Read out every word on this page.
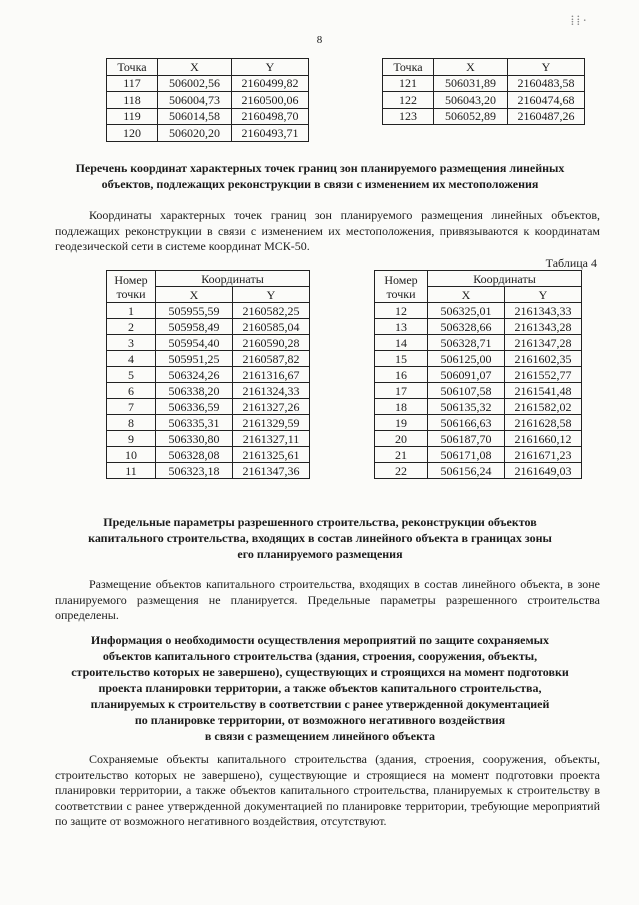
8
⁞⁞·
Точка	X	Y
117	506002,56	2160499,82
118	506004,73	2160500,06
119	506014,58	2160498,70
120	506020,20	2160493,71
Точка	X	Y
121	506031,89	2160483,58
122	506043,20	2160474,68
123	506052,89	2160487,26
Перечень координат характерных точек границ зон планируемого размещения линейных
объектов, подлежащих реконструкции в связи с изменением их местоположения

Координаты характерных точек границ зон планируемого размещения линейных объектов, подлежащих реконструкции в связи с изменением их местоположения, привязываются к координатам геодезической сети в системе координат МСК-50.

Таблица 4
Номер
точки	Координаты	
	X	Y
1	505955,59	2160582,25
2	505958,49	2160585,04
3	505954,40	2160590,28
4	505951,25	2160587,82
5	506324,26	2161316,67
6	506338,20	2161324,33
7	506336,59	2161327,26
8	506335,31	2161329,59
9	506330,80	2161327,11
10	506328,08	2161325,61
11	506323,18	2161347,36
Номер
точки	Координаты	
	X	Y
12	506325,01	2161343,33
13	506328,66	2161343,28
14	506328,71	2161347,28
15	506125,00	2161602,35
16	506091,07	2161552,77
17	506107,58	2161541,48
18	506135,32	2161582,02
19	506166,63	2161628,58
20	506187,70	2161660,12
21	506171,08	2161671,23
22	506156,24	2161649,03
Предельные параметры разрешенного строительства, реконструкции объектов
капитального строительства, входящих в состав линейного объекта в границах зоны
его планируемого размещения

Размещение объектов капитального строительства, входящих в состав линейного объекта, в зоне планируемого размещения не планируется. Предельные параметры разрешенного строительства определены.

Информация о необходимости осуществления мероприятий по защите сохраняемых
объектов капитального строительства (здания, строения, сооружения, объекты,
строительство которых не завершено), существующих и строящихся на момент подготовки
проекта планировки территории, а также объектов капитального строительства,
планируемых к строительству в соответствии с ранее утвержденной документацией
по планировке территории, от возможного негативного воздействия
в связи с размещением линейного объекта

Сохраняемые объекты капитального строительства (здания, строения, сооружения, объекты, строительство которых не завершено), существующие и строящиеся на момент подготовки проекта планировки территории, а также объектов капитального строительства, планируемых к строительству в соответствии с ранее утвержденной документацией по планировке территории, требующие мероприятий по защите от возможного негативного воздействия, отсутствуют.
